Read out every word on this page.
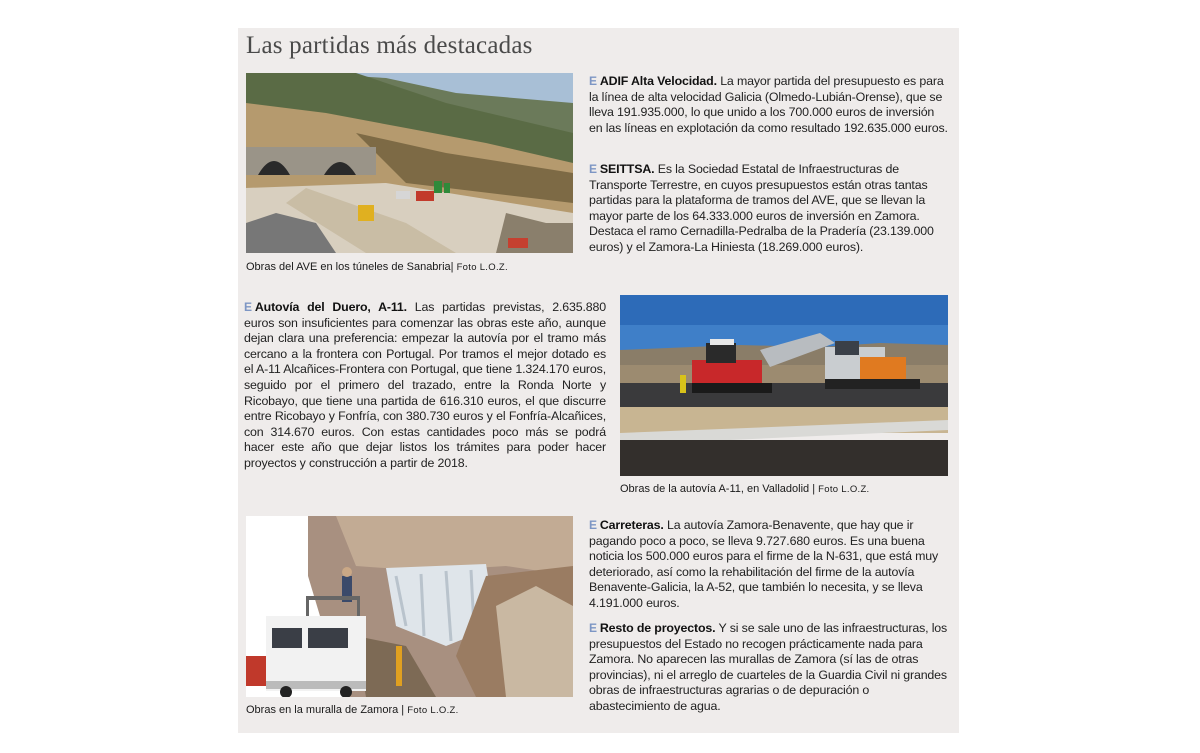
Las partidas más destacadas
Obras del AVE en los túneles de Sanabria| Foto L.O.Z.

E ADIF Alta Velocidad. La mayor partida del presupuesto es para la línea de alta velocidad Galicia (Olmedo-Lubián-Orense), que se lleva 191.935.000, lo que unido a los 700.000 euros de inversión en las líneas en explotación da como resultado 192.635.000 euros.

E SEITTSA. Es la Sociedad Estatal de Infraestructuras de Transporte Terrestre, en cuyos presupuestos están otras tantas partidas para la plataforma de tramos del AVE, que se llevan la mayor parte de los 64.333.000 euros de inversión en Zamora. Destaca el ramo Cernadilla-Pedralba de la Pradería (23.139.000 euros) y el Zamora-La Hiniesta (18.269.000 euros).

E Autovía del Duero, A-11. Las partidas previstas, 2.635.880 euros son insuficientes para comenzar las obras este año, aunque dejan clara una preferencia: empezar la autovía por el tramo más cercano a la frontera con Portugal. Por tramos el mejor dotado es el A-11 Alcañices-Frontera con Portugal, que tiene 1.324.170 euros, seguido por el primero del trazado, entre la Ronda Norte y Ricobayo, que tiene una partida de 616.310 euros, el que discurre entre Ricobayo y Fonfría, con 380.730 euros y el Fonfría-Alcañices, con 314.670 euros. Con estas cantidades poco más se podrá hacer este año que dejar listos los trámites para poder hacer proyectos y construcción a partir de 2018.

Obras de la autovía A-11, en Valladolid | Foto L.O.Z.
Obras en la muralla de Zamora | Foto L.O.Z.

E Carreteras. La autovía Zamora-Benavente, que hay que ir pagando poco a poco, se lleva 9.727.680 euros. Es una buena noticia los 500.000 euros para el firme de la N-631, que está muy deteriorado, así como la rehabilitación del firme de la autovía Benavente-Galicia, la A-52, que también lo necesita, y se lleva 4.191.000 euros.

E Resto de proyectos. Y si se sale uno de las infraestructuras, los presupuestos del Estado no recogen prácticamente nada para Zamora. No aparecen las murallas de Zamora (sí las de otras provincias), ni el arreglo de cuarteles de la Guardia Civil ni grandes obras de infraestructuras agrarias o de depuración o abastecimiento de agua.
